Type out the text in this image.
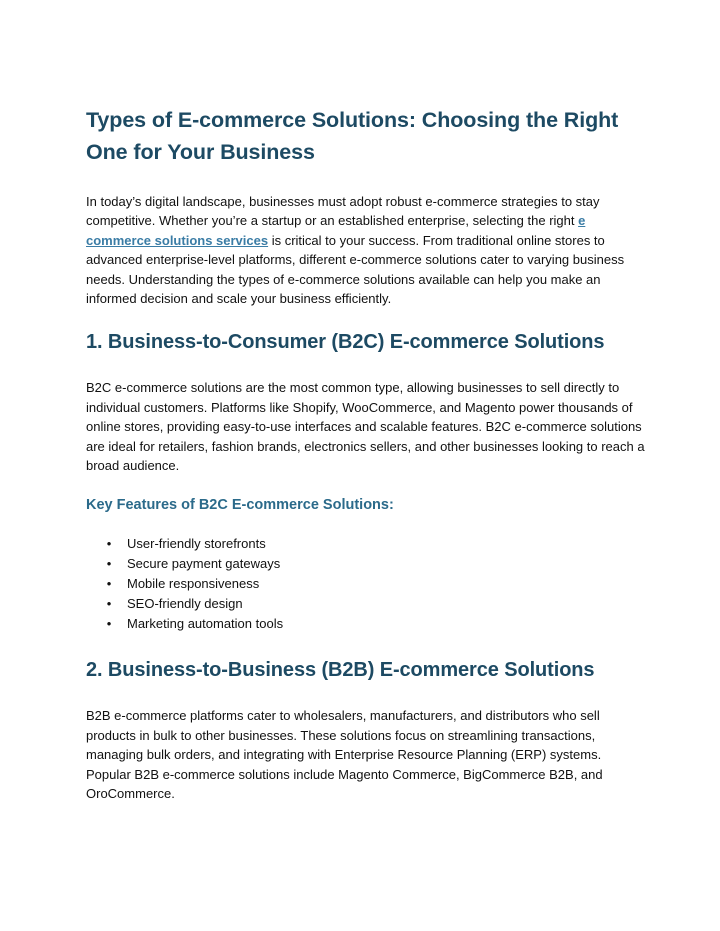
Types of E-commerce Solutions: Choosing the Right One for Your Business

In today’s digital landscape, businesses must adopt robust e-commerce strategies to stay competitive. Whether you’re a startup or an established enterprise, selecting the right e commerce solutions services is critical to your success. From traditional online stores to advanced enterprise-level platforms, different e-commerce solutions cater to varying business needs. Understanding the types of e-commerce solutions available can help you make an informed decision and scale your business efficiently.

1. Business-to-Consumer (B2C) E-commerce Solutions

B2C e-commerce solutions are the most common type, allowing businesses to sell directly to individual customers. Platforms like Shopify, WooCommerce, and Magento power thousands of online stores, providing easy-to-use interfaces and scalable features. B2C e-commerce solutions are ideal for retailers, fashion brands, electronics sellers, and other businesses looking to reach a broad audience.

Key Features of B2C E-commerce Solutions:
• User-friendly storefronts
• Secure payment gateways
• Mobile responsiveness
• SEO-friendly design
• Marketing automation tools
2. Business-to-Business (B2B) E-commerce Solutions

B2B e-commerce platforms cater to wholesalers, manufacturers, and distributors who sell products in bulk to other businesses. These solutions focus on streamlining transactions, managing bulk orders, and integrating with Enterprise Resource Planning (ERP) systems. Popular B2B e-commerce solutions include Magento Commerce, BigCommerce B2B, and OroCommerce.
